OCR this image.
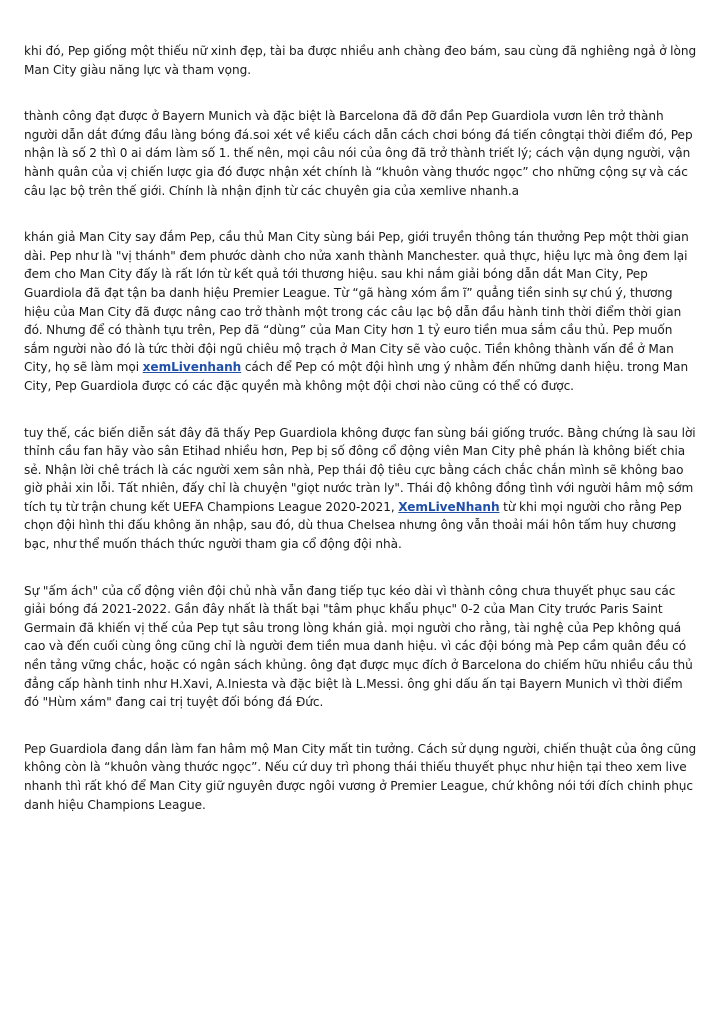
khi đó, Pep giống một thiếu nữ xinh đẹp, tài ba được nhiều anh chàng đeo bám, sau cùng đã nghiêng ngả ở lòng Man City giàu năng lực và tham vọng.

thành công đạt được ở Bayern Munich và đặc biệt là Barcelona đã đỡ đần Pep Guardiola vươn lên trở thành người dẫn dắt đứng đầu làng bóng đá.soi xét về kiểu cách dẫn cách chơi bóng đá tiến côngtại thời điểm đó, Pep nhận là số 2 thì 0 ai dám làm số 1. thế nên, mọi câu nói của ông đã trở thành triết lý; cách vận dụng người, vận hành quân của vị chiến lược gia đó được nhận xét chính là “khuôn vàng thước ngọc” cho những cộng sự và các câu lạc bộ trên thế giới. Chính là nhận định từ các chuyên gia của xemlive nhanh.a

khán giả Man City say đắm Pep, cầu thủ Man City sùng bái Pep, giới truyền thông tán thưởng Pep một thời gian dài. Pep như là "vị thánh" đem phước dành cho nửa xanh thành Manchester. quả thực, hiệu lực mà ông đem lại đem cho Man City đấy là rất lớn từ kết quả tới thương hiệu. sau khi nắm giải bóng dẫn dắt Man City, Pep Guardiola đã đạt tận ba danh hiệu Premier League. Từ “gã hàng xóm ầm ĩ” quẳng tiền sinh sự chú ý, thương hiệu của Man City đã được nâng cao trở thành một trong các câu lạc bộ dẫn đầu hành tinh thời điểm thời gian đó. Nhưng để có thành tựu trên, Pep đã “dùng” của Man City hơn 1 tỷ euro tiền mua sắm cầu thủ. Pep muốn sắm người nào đó là tức thời đội ngũ chiêu mộ trạch ở Man City sẽ vào cuộc. Tiền không thành vấn đề ở Man City, họ sẽ làm mọi xemLivenhanh cách để Pep có một đội hình ưng ý nhằm đến những danh hiệu. trong Man City, Pep Guardiola được có các đặc quyền mà không một đội chơi nào cũng có thể có được.

tuy thế, các biến diễn sát đây đã thấy Pep Guardiola không được fan sùng bái giống trước. Bằng chứng là sau lời thỉnh cầu fan hãy vào sân Etihad nhiều hơn, Pep bị số đông cổ động viên Man City phê phán là không biết chia sẻ. Nhận lời chê trách là các người xem sân nhà, Pep thái độ tiêu cực bằng cách chắc chắn mình sẽ không bao giờ phải xin lỗi. Tất nhiên, đấy chỉ là chuyện "giọt nước tràn ly". Thái độ không đồng tình với người hâm mộ sớm tích tụ từ trận chung kết UEFA Champions League 2020-2021, XemLiveNhanh từ khi mọi người cho rằng Pep chọn đội hình thi đấu không ăn nhập, sau đó, dù thua Chelsea nhưng ông vẫn thoải mái hôn tấm huy chương bạc, như thể muốn thách thức người tham gia cổ động đội nhà.

Sự "ấm ách" của cổ động viên đội chủ nhà vẫn đang tiếp tục kéo dài vì thành công chưa thuyết phục sau các giải bóng đá 2021-2022. Gần đây nhất là thất bại "tâm phục khẩu phục" 0-2 của Man City trước Paris Saint Germain đã khiến vị thế của Pep tụt sâu trong lòng khán giả. mọi người cho rằng, tài nghệ của Pep không quá cao và đến cuối cùng ông cũng chỉ là người đem tiền mua danh hiệu. vì các đội bóng mà Pep cầm quân đều có nền tảng vững chắc, hoặc có ngân sách khủng. ông đạt được mục đích ở Barcelona do chiếm hữu nhiều cầu thủ đẳng cấp hành tinh như H.Xavi, A.Iniesta và đặc biệt là L.Messi. ông ghi dấu ấn tại Bayern Munich vì thời điểm đó "Hùm xám" đang cai trị tuyệt đối bóng đá Đức.

Pep Guardiola đang dần làm fan hâm mộ Man City mất tin tưởng. Cách sử dụng người, chiến thuật của ông cũng không còn là “khuôn vàng thước ngọc”. Nếu cứ duy trì phong thái thiếu thuyết phục như hiện tại theo xem live nhanh thì rất khó để Man City giữ nguyên được ngôi vương ở Premier League, chứ không nói tới đích chinh phục danh hiệu Champions League.
